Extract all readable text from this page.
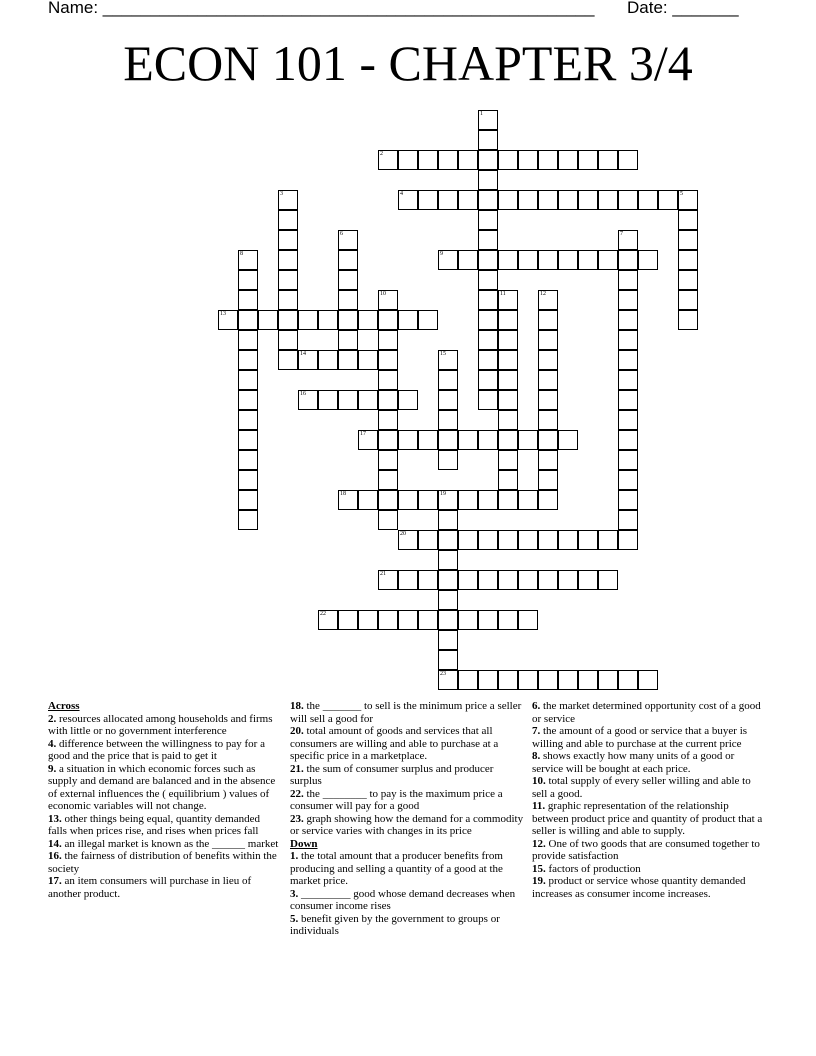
Name: ____________________________________________________ Date: _______
ECON 101 - CHAPTER 3/4
1
2
3	4	5
6	7
8	9
10	11	12
13
14	15
16
17
18	19
23
20
21
22
Across
2. resources allocated among households and firms with little or no government interference
4. difference between the willingness to pay for a good and the price that is paid to get it
9. a situation in which economic forces such as supply and demand are balanced and in the absence of external influences the ( equilibrium ) values of economic variables will not change.
13. other things being equal, quantity demanded falls when prices rise, and rises when prices fall
14. an illegal market is known as the ______ market
16. the fairness of distribution of benefits within the society
17. an item consumers will purchase in lieu of another product.
18. the _______ to sell is the minimum price a seller will sell a good for
20. total amount of goods and services that all consumers are willing and able to purchase at a specific price in a marketplace.
21. the sum of consumer surplus and producer surplus
22. the ________ to pay is the maximum price a consumer will pay for a good
23. graph showing how the demand for a commodity or service varies with changes in its price
Down
1. the total amount that a producer benefits from producing and selling a quantity of a good at the market price.
3. _________ good whose demand decreases when consumer income rises
5. benefit given by the government to groups or individuals
6. the market determined opportunity cost of a good or service
7. the amount of a good or service that a buyer is willing and able to purchase at the current price
8. shows exactly how many units of a good or service will be bought at each price.
10. total supply of every seller willing and able to sell a good.
11. graphic representation of the relationship between product price and quantity of product that a seller is willing and able to supply.
12. One of two goods that are consumed together to provide satisfaction
15. factors of production
19. product or service whose quantity demanded increases as consumer income increases.
